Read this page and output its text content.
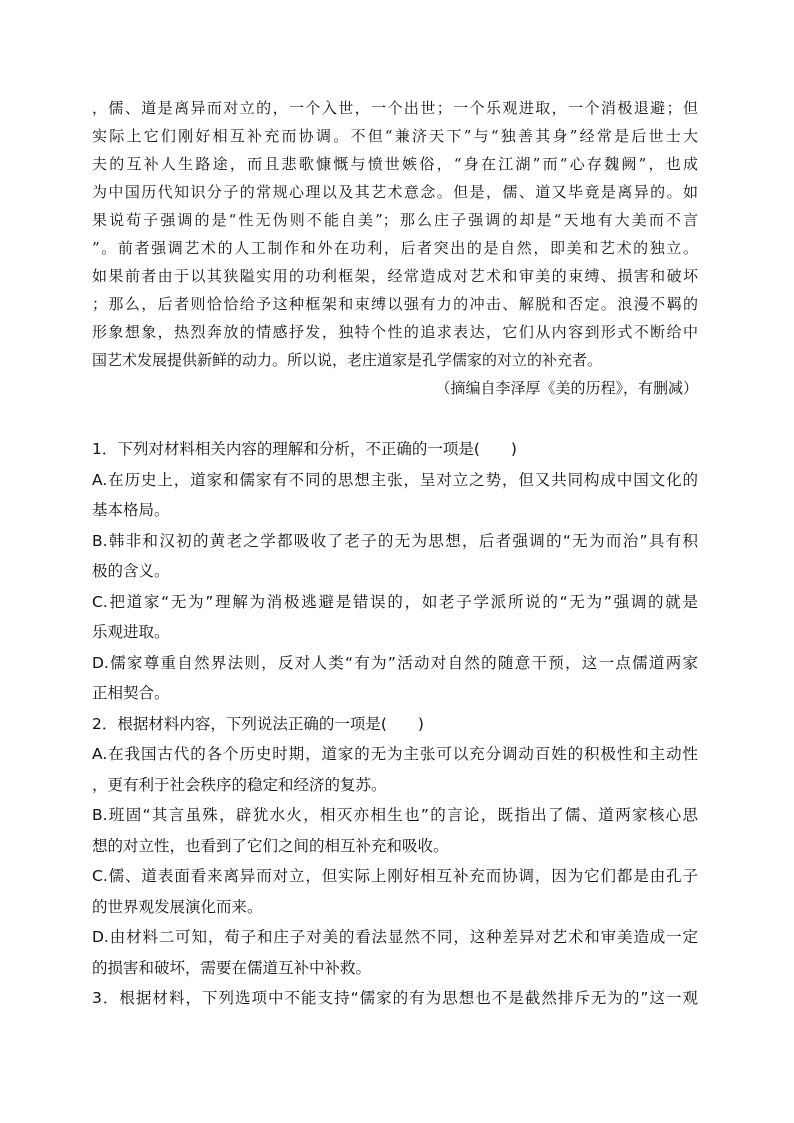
，儒、道是离异而对立的，一个入世，一个出世；一个乐观进取，一个消极退避；但
实际上它们刚好相互补充而协调。不但“兼济天下”与“独善其身”经常是后世士大
夫的互补人生路途，而且悲歌慷慨与愤世嫉俗，“身在江湖”而“心存魏阙”，也成
为中国历代知识分子的常规心理以及其艺术意念。但是，儒、道又毕竟是离异的。如
果说荀子强调的是“性无伪则不能自美”；那么庄子强调的却是“天地有大美而不言
”。前者强调艺术的人工制作和外在功利，后者突出的是自然，即美和艺术的独立。
如果前者由于以其狭隘实用的功利框架，经常造成对艺术和审美的束缚、损害和破坏
；那么，后者则恰恰给予这种框架和束缚以强有力的冲击、解脱和否定。浪漫不羁的
形象想象，热烈奔放的情感抒发，独特个性的追求表达，它们从内容到形式不断给中
国艺术发展提供新鲜的动力。所以说，老庄道家是孔学儒家的对立的补充者。
（摘编自李泽厚《美的历程》，有删减）
1．下列对材料相关内容的理解和分析，不正确的一项是(　　)
A.在历史上，道家和儒家有不同的思想主张，呈对立之势，但又共同构成中国文化的
基本格局。
B.韩非和汉初的黄老之学都吸收了老子的无为思想，后者强调的“无为而治”具有积
极的含义。
C.把道家“无为”理解为消极逃避是错误的，如老子学派所说的“无为”强调的就是
乐观进取。
D.儒家尊重自然界法则，反对人类“有为”活动对自然的随意干预，这一点儒道两家
正相契合。
2．根据材料内容，下列说法正确的一项是(　　)
A.在我国古代的各个历史时期，道家的无为主张可以充分调动百姓的积极性和主动性
，更有利于社会秩序的稳定和经济的复苏。
B.班固“其言虽殊，辟犹水火，相灭亦相生也”的言论，既指出了儒、道两家核心思
想的对立性，也看到了它们之间的相互补充和吸收。
C.儒、道表面看来离异而对立，但实际上刚好相互补充而协调，因为它们都是由孔子
的世界观发展演化而来。
D.由材料二可知，荀子和庄子对美的看法显然不同，这种差异对艺术和审美造成一定
的损害和破坏，需要在儒道互补中补救。
3．根据材料，下列选项中不能支持“儒家的有为思想也不是截然排斥无为的”这一观
